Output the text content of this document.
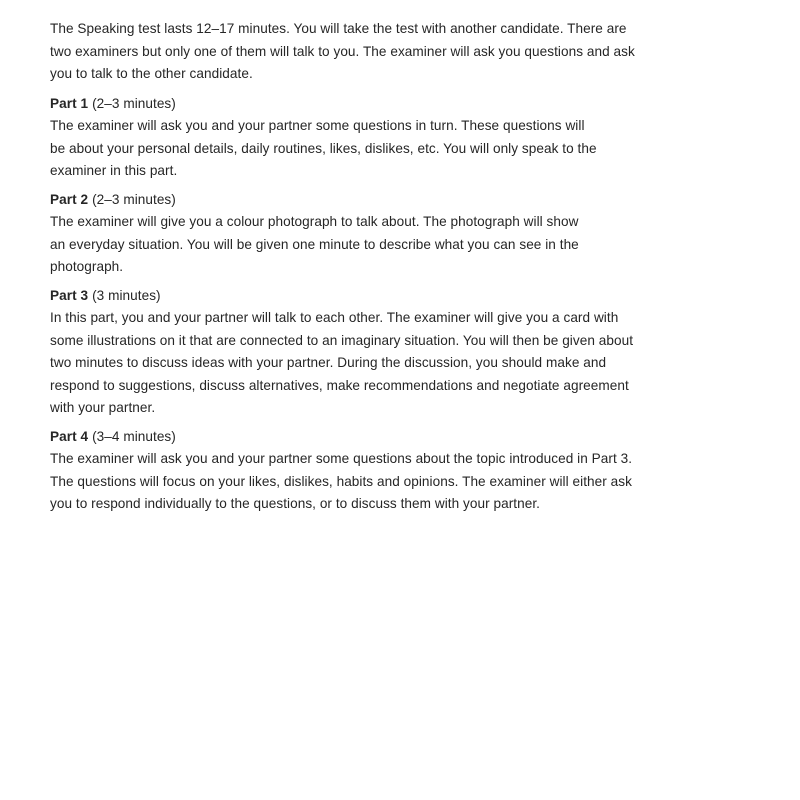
The Speaking test lasts 12–17 minutes. You will take the test with another candidate. There are
two examiners but only one of them will talk to you. The examiner will ask you questions and ask
you to talk to the other candidate.
Part 1 (2–3 minutes)
The examiner will ask you and your partner some questions in turn. These questions will
be about your personal details, daily routines, likes, dislikes, etc. You will only speak to the
examiner in this part.
Part 2 (2–3 minutes)
The examiner will give you a colour photograph to talk about. The photograph will show
an everyday situation. You will be given one minute to describe what you can see in the
photograph.
Part 3 (3 minutes)
In this part, you and your partner will talk to each other. The examiner will give you a card with
some illustrations on it that are connected to an imaginary situation. You will then be given about
two minutes to discuss ideas with your partner. During the discussion, you should make and
respond to suggestions, discuss alternatives, make recommendations and negotiate agreement
with your partner.
Part 4 (3–4 minutes)
The examiner will ask you and your partner some questions about the topic introduced in Part 3.
The questions will focus on your likes, dislikes, habits and opinions. The examiner will either ask
you to respond individually to the questions, or to discuss them with your partner.
